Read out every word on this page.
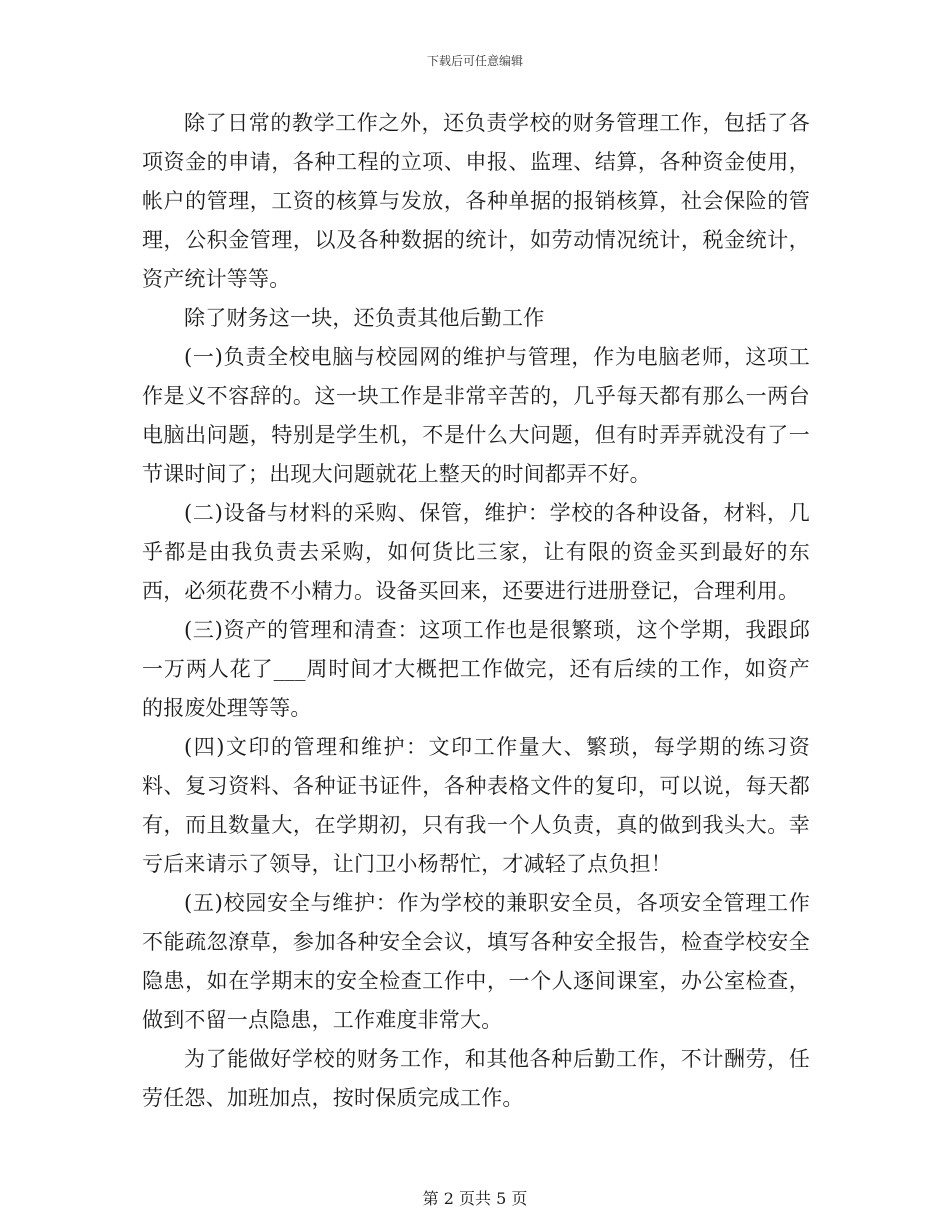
下载后可任意编辑

除了日常的教学工作之外，还负责学校的财务管理工作，包括了各项资金的申请，各种工程的立项、申报、监理、结算，各种资金使用，帐户的管理，工资的核算与发放，各种单据的报销核算，社会保险的管理，公积金管理，以及各种数据的统计，如劳动情况统计，税金统计，资产统计等等。

除了财务这一块，还负责其他后勤工作

(一)负责全校电脑与校园网的维护与管理，作为电脑老师，这项工作是义不容辞的。这一块工作是非常辛苦的，几乎每天都有那么一两台电脑出问题，特别是学生机，不是什么大问题，但有时弄弄就没有了一节课时间了；出现大问题就花上整天的时间都弄不好。

(二)设备与材料的采购、保管，维护：学校的各种设备，材料，几乎都是由我负责去采购，如何货比三家，让有限的资金买到最好的东西，必须花费不小精力。设备买回来，还要进行进册登记，合理利用。

(三)资产的管理和清查：这项工作也是很繁琐，这个学期，我跟邱一万两人花了___周时间才大概把工作做完，还有后续的工作，如资产的报废处理等等。

(四)文印的管理和维护：文印工作量大、繁琐，每学期的练习资料、复习资料、各种证书证件，各种表格文件的复印，可以说，每天都有，而且数量大，在学期初，只有我一个人负责，真的做到我头大。幸亏后来请示了领导，让门卫小杨帮忙，才减轻了点负担！

(五)校园安全与维护：作为学校的兼职安全员，各项安全管理工作不能疏忽潦草，参加各种安全会议，填写各种安全报告，检查学校安全隐患，如在学期末的安全检查工作中，一个人逐间课室，办公室检查，做到不留一点隐患，工作难度非常大。

为了能做好学校的财务工作，和其他各种后勤工作，不计酬劳，任劳任怨、加班加点，按时保质完成工作。

第 2 页共 5 页
